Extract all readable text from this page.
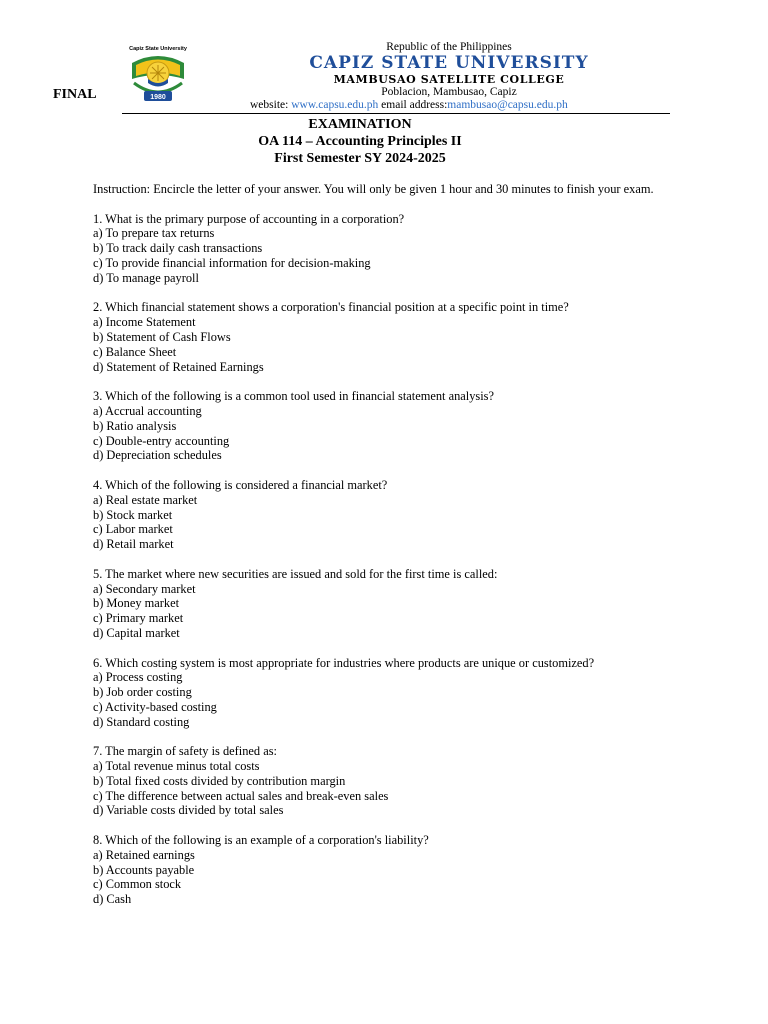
FINAL
Capiz State University
1980
Republic of the Philippines
CAPIZ STATE UNIVERSITY
MAMBUSAO SATELLITE COLLEGE
Poblacion, Mambusao, Capiz
website: www.capsu.edu.ph email address:mambusao@capsu.edu.ph
EXAMINATION
OA 114 – Accounting Principles II
First Semester SY 2024-2025
Instruction: Encircle the letter of your answer. You will only be given 1 hour and 30 minutes to finish your exam.
1. What is the primary purpose of accounting in a corporation?
a) To prepare tax returns
b) To track daily cash transactions
c) To provide financial information for decision-making
d) To manage payroll
2. Which financial statement shows a corporation's financial position at a specific point in time?
a) Income Statement
b) Statement of Cash Flows
c) Balance Sheet
d) Statement of Retained Earnings
3. Which of the following is a common tool used in financial statement analysis?
a) Accrual accounting
b) Ratio analysis
c) Double-entry accounting
d) Depreciation schedules
4. Which of the following is considered a financial market?
a) Real estate market
b) Stock market
c) Labor market
d) Retail market
5. The market where new securities are issued and sold for the first time is called:
a) Secondary market
b) Money market
c) Primary market
d) Capital market
6. Which costing system is most appropriate for industries where products are unique or customized?
a) Process costing
b) Job order costing
c) Activity-based costing
d) Standard costing
7. The margin of safety is defined as:
a) Total revenue minus total costs
b) Total fixed costs divided by contribution margin
c) The difference between actual sales and break-even sales
d) Variable costs divided by total sales
8. Which of the following is an example of a corporation's liability?
a) Retained earnings
b) Accounts payable
c) Common stock
d) Cash
